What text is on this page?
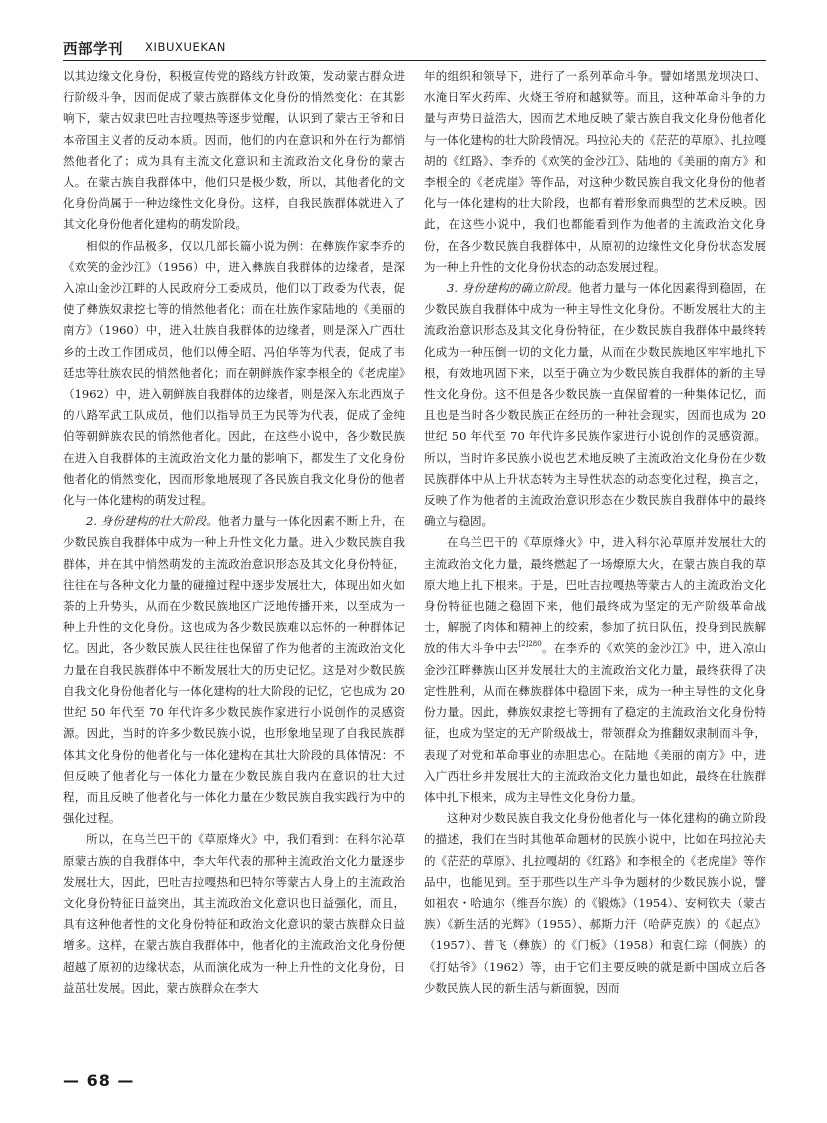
西部学刊 XIBUXUEKAN

以其边缘文化身份，积极宣传党的路线方针政策，发动蒙古群众进行阶级斗争，因而促成了蒙古族群体文化身份的悄然变化：在其影响下，蒙古奴隶巴吐吉拉嘎热等逐步觉醒，认识到了蒙古王爷和日本帝国主义者的反动本质。因而，他们的内在意识和外在行为都悄然他者化了；成为具有主流文化意识和主流政治文化身份的蒙古人。在蒙古族自我群体中，他们只是极少数，所以，其他者化的文化身份尚属于一种边缘性文化身份。这样，自我民族群体就进入了其文化身份他者化建构的萌发阶段。

相似的作品极多，仅以几部长篇小说为例：在彝族作家李乔的《欢笑的金沙江》（1956）中，进入彝族自我群体的边缘者，是深入凉山金沙江畔的人民政府分工委成员，他们以丁政委为代表，促使了彝族奴隶挖七等的悄然他者化；而在壮族作家陆地的《美丽的南方》（1960）中，进入壮族自我群体的边缘者，则是深入广西壮乡的土改工作团成员，他们以傅全昭、冯伯华等为代表，促成了韦廷忠等壮族农民的悄然他者化；而在朝鲜族作家李根全的《老虎崖》（1962）中，进入朝鲜族自我群体的边缘者，则是深入东北西岚子的八路军武工队成员，他们以指导员王为民等为代表，促成了金纯伯等朝鲜族农民的悄然他者化。因此，在这些小说中，各少数民族在进入自我群体的主流政治文化力量的影响下，都发生了文化身份他者化的悄然变化，因而形象地展现了各民族自我文化身份的他者化与一体化建构的萌发过程。

2. 身份建构的壮大阶段。他者力量与一体化因素不断上升，在少数民族自我群体中成为一种上升性文化力量。进入少数民族自我群体，并在其中悄然萌发的主流政治意识形态及其文化身份特征，往往在与各种文化力量的碰撞过程中逐步发展壮大，体现出如火如荼的上升势头，从而在少数民族地区广泛地传播开来，以至成为一种上升性的文化身份。这也成为各少数民族难以忘怀的一种群体记忆。因此，各少数民族人民往往也保留了作为他者的主流政治文化力量在自我民族群体中不断发展壮大的历史记忆。这是对少数民族自我文化身份他者化与一体化建构的壮大阶段的记忆，它也成为 20 世纪 50 年代至 70 年代许多少数民族作家进行小说创作的灵感资源。因此，当时的许多少数民族小说，也形象地呈现了自我民族群体其文化身份的他者化与一体化建构在其壮大阶段的具体情况：不但反映了他者化与一体化力量在少数民族自我内在意识的壮大过程，而且反映了他者化与一体化力量在少数民族自我实践行为中的强化过程。

所以，在乌兰巴干的《草原烽火》中，我们看到：在科尔沁草原蒙古族的自我群体中，李大年代表的那种主流政治文化力量逐步发展壮大，因此，巴吐吉拉嘎热和巴特尔等蒙古人身上的主流政治文化身份特征日益突出，其主流政治文化意识也日益强化，而且，具有这种他者性的文化身份特征和政治文化意识的蒙古族群众日益增多。这样，在蒙古族自我群体中，他者化的主流政治文化身份便超越了原初的边缘状态，从而演化成为一种上升性的文化身份，日益茁壮发展。因此，蒙古族群众在李大

年的组织和领导下，进行了一系列革命斗争。譬如堵黑龙坝决口、水淹日军火药库、火烧王爷府和越狱等。而且，这种革命斗争的力量与声势日益浩大，因而艺术地反映了蒙古族自我文化身份他者化与一体化建构的壮大阶段情况。玛拉沁夫的《茫茫的草原》、扎拉嘎胡的《红路》、李乔的《欢笑的金沙江》、陆地的《美丽的南方》和李根全的《老虎崖》等作品，对这种少数民族自我文化身份的他者化与一体化建构的壮大阶段，也都有着形象而典型的艺术反映。因此，在这些小说中，我们也都能看到作为他者的主流政治文化身份，在各少数民族自我群体中，从原初的边缘性文化身份状态发展为一种上升性的文化身份状态的动态发展过程。

3. 身份建构的确立阶段。他者力量与一体化因素得到稳固，在少数民族自我群体中成为一种主导性文化身份。不断发展壮大的主流政治意识形态及其文化身份特征，在少数民族自我群体中最终转化成为一种压倒一切的文化力量，从而在少数民族地区牢牢地扎下根，有效地巩固下来，以至于确立为少数民族自我群体的新的主导性文化身份。这不但是各少数民族一直保留着的一种集体记忆，而且也是当时各少数民族正在经历的一种社会现实，因而也成为 20 世纪 50 年代至 70 年代许多民族作家进行小说创作的灵感资源。所以，当时许多民族小说也艺术地反映了主流政治文化身份在少数民族群体中从上升状态转为主导性状态的动态变化过程，换言之，反映了作为他者的主流政治意识形态在少数民族自我群体中的最终确立与稳固。

在乌兰巴干的《草原烽火》中，进入科尔沁草原并发展壮大的主流政治文化力量，最终燃起了一场燎原大火，在蒙古族自我的草原大地上扎下根来。于是，巴吐吉拉嘎热等蒙古人的主流政治文化身份特征也随之稳固下来，他们最终成为坚定的无产阶级革命战士，解脱了肉体和精神上的绞索，参加了抗日队伍，投身到民族解放的伟大斗争中去$^{[2]280}$。在李乔的《欢笑的金沙江》中，进入凉山金沙江畔彝族山区并发展壮大的主流政治文化力量，最终获得了决定性胜利，从而在彝族群体中稳固下来，成为一种主导性的文化身份力量。因此，彝族奴隶挖七等拥有了稳定的主流政治文化身份特征，也成为坚定的无产阶级战士，带领群众为推翻奴隶制而斗争，表现了对党和革命事业的赤胆忠心。在陆地《美丽的南方》中，进入广西壮乡并发展壮大的主流政治文化力量也如此，最终在壮族群体中扎下根来，成为主导性文化身份力量。

这种对少数民族自我文化身份他者化与一体化建构的确立阶段的描述，我们在当时其他革命题材的民族小说中，比如在玛拉沁夫的《茫茫的草原》、扎拉嘎胡的《红路》和李根全的《老虎崖》等作品中，也能见到。至于那些以生产斗争为题材的少数民族小说，譬如祖农・哈迪尔（维吾尔族）的《锻炼》（1954）、安柯钦夫（蒙古族）《新生活的光辉》（1955）、郝斯力汗（哈萨克族）的《起点》（1957）、普飞（彝族）的《门板》（1958）和袁仁琮（侗族）的《打姑爷》（1962）等，由于它们主要反映的就是新中国成立后各少数民族人民的新生活与新面貌，因而

— 68 —
